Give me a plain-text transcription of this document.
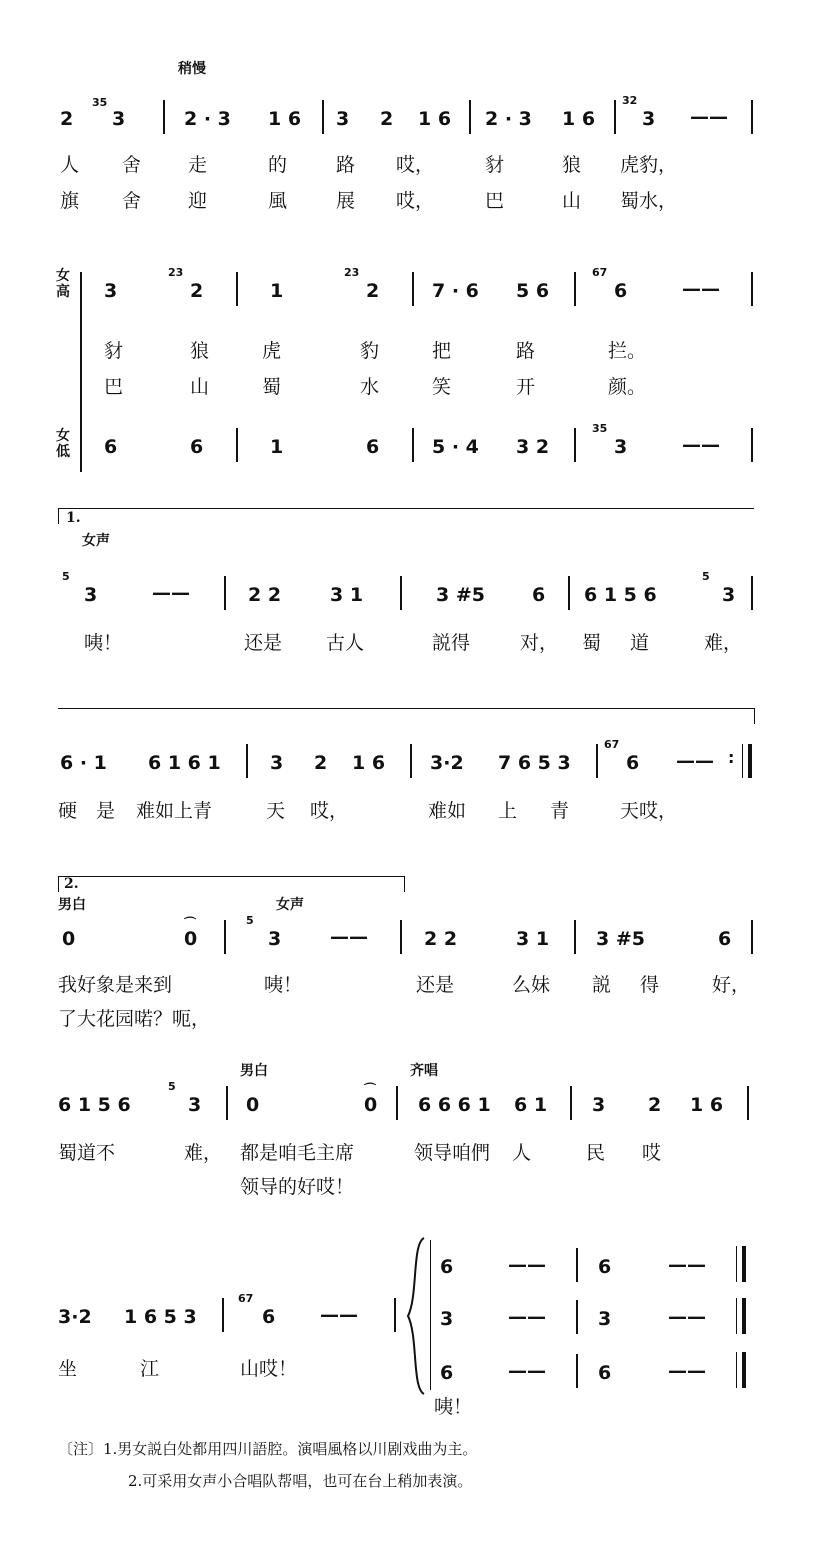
稍慢
2
35
3	2 · 3 1 6 3 2 1 6 2 · 3 1 6
32
3 ——
人 舍 走	的	路 哎，	豺	狼 虎豹，
旗 舍 迎	風	展 哎，	巴	山 蜀水，
女高 3
23
2	1
23
2	7 · 6 5 6
67
6	——
豺	狼	虎	豹	把	路	拦。
巴	山	蜀	水	笑	开	颜。
女低 6	6	1	6	5 · 4 3 2
35
3	——
1.
女声
5
3	——	2 2	3 1	3 #5 6 6 1 5 6
5
3
咦！	还是 古人	説得	对， 蜀 道	难，
6 · 1 6 1 6 1	3 2 1 6 3·2 7 6 5 3
67
6 —— :
硬 是 难如上青	天 哎，	难如 上 青	天哎，
2.
男白	女声
0
⌒
0
5
3	——	2 2	3 1 3 #5	6
我好象是来到
了大花园喏？呃，
咦！	还是	么妹 説 得	好，
男白	齐唱
6 1 5 6
5
3 0
⌒
0 6 6 6 1 6 1 3 2 1 6
蜀道不	难， 都是咱毛主席	领导咱們 人	民 哎
领导的好哎！
3·2 1 6 5 3
67
6 ——
坐	江	山哎！
6	——	6	——
3	——	3	——
6	——	6	——
咦！
〔注〕1.男女説白处都用四川語腔。演唱風格以川剧戏曲为主。
2.可采用女声小合唱队帮唱，也可在台上稍加表演。
